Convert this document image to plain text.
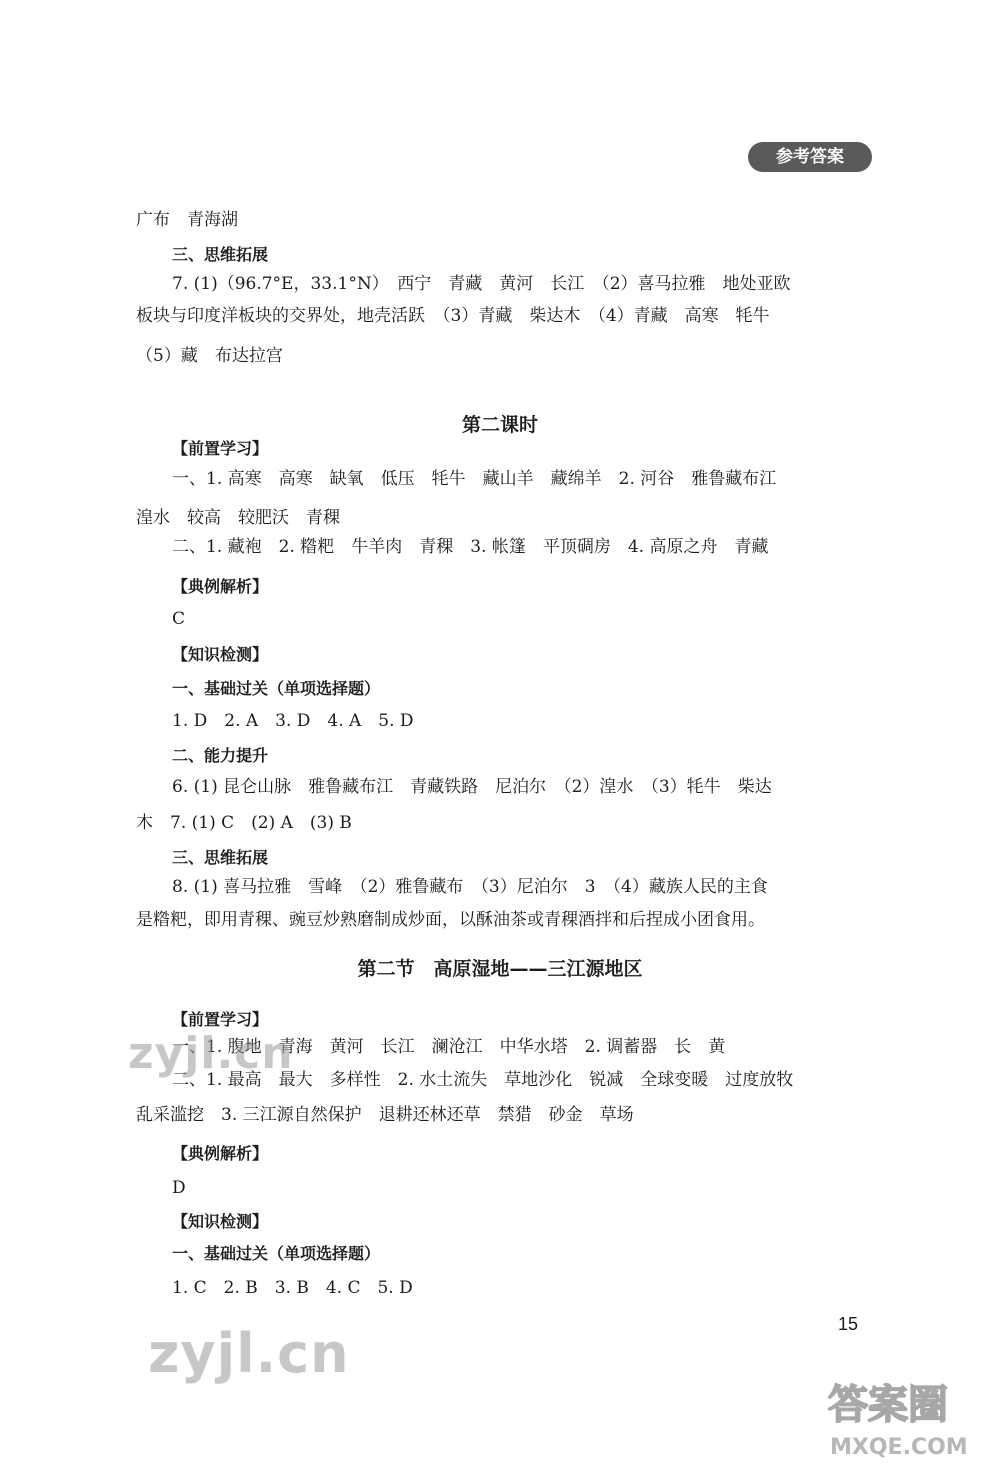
参考答案
广布　青海湖
三、思维拓展
7. (1)（96.7°E，33.1°N）　西宁　青藏　黄河　长江　（2）喜马拉雅　地处亚欧
板块与印度洋板块的交界处，地壳活跃　（3）青藏　柴达木　（4）青藏　高寒　牦牛
（5）藏　布达拉宫
第二课时
【前置学习】
一、1. 高寒　高寒　缺氧　低压　牦牛　藏山羊　藏绵羊　2. 河谷　雅鲁藏布江
湟水　较高　较肥沃　青稞
二、1. 藏袍　2. 糌粑　牛羊肉　青稞　3. 帐篷　平顶碉房　4. 高原之舟　青藏
【典例解析】
C
【知识检测】
一、基础过关（单项选择题）
1. D　2. A　3. D　4. A　5. D
二、能力提升
6. (1) 昆仑山脉　雅鲁藏布江　青藏铁路　尼泊尔　（2）湟水　（3）牦牛　柴达
木　7. (1) C　(2) A　(3) B
三、思维拓展
8. (1) 喜马拉雅　雪峰　（2）雅鲁藏布　（3）尼泊尔　3　（4）藏族人民的主食
是糌粑，即用青稞、豌豆炒熟磨制成炒面，以酥油茶或青稞酒拌和后捏成小团食用。
第二节　高原湿地——三江源地区
【前置学习】
一、1. 腹地　青海　黄河　长江　澜沧江　中华水塔　2. 调蓄器　长　黄
二、1. 最高　最大　多样性　2. 水土流失　草地沙化　锐减　全球变暖　过度放牧
乱采滥挖　3. 三江源自然保护　退耕还林还草　禁猎　砂金　草场
【典例解析】
D
【知识检测】
一、基础过关（单项选择题）
1. C　2. B　3. B　4. C　5. D
15
zyjl.cn
zyjl.cn
答案圈
MXQE.COM
